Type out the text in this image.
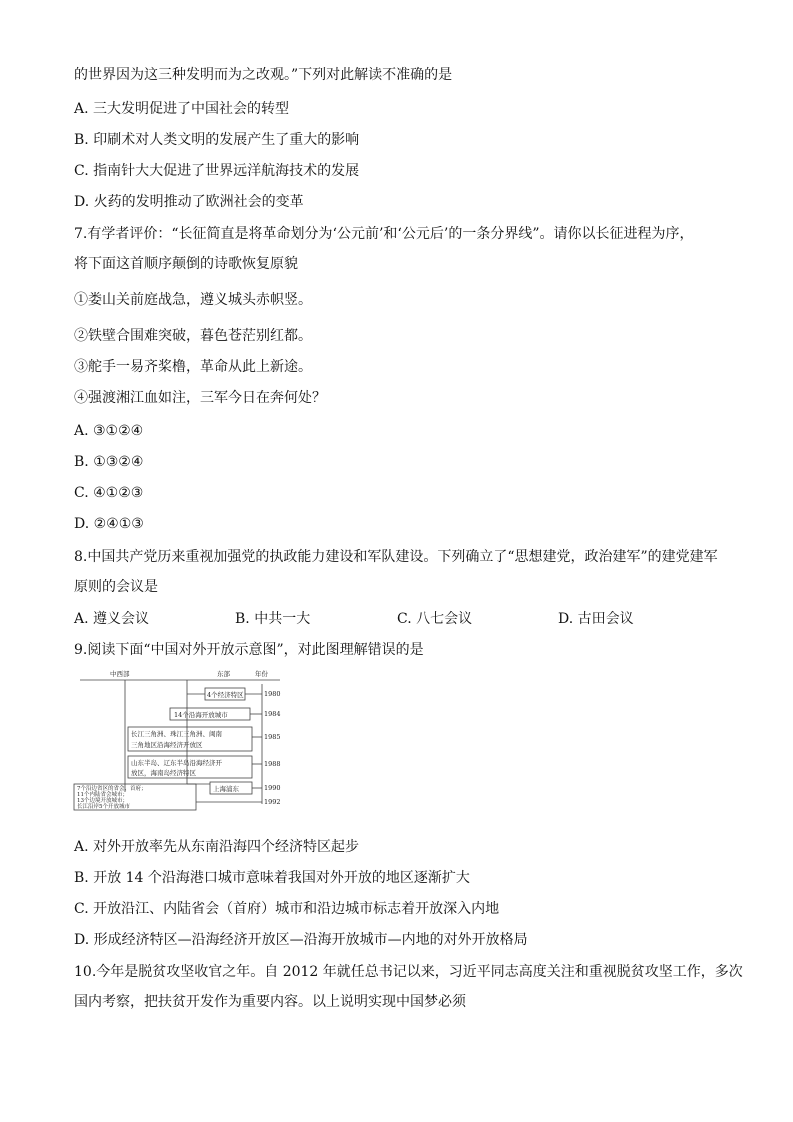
的世界因为这三种发明而为之改观。”下列对此解读不准确的是
A. 三大发明促进了中国社会的转型
B. 印刷术对人类文明的发展产生了重大的影响
C. 指南针大大促进了世界远洋航海技术的发展
D. 火药的发明推动了欧洲社会的变革
7.有学者评价：“长征简直是将革命划分为‘公元前’和‘公元后’的一条分界线”。请你以长征进程为序，
将下面这首顺序颠倒的诗歌恢复原貌
①娄山关前庭战急，遵义城头赤帜竖。
②铁壁合围难突破，暮色苍茫别红都。
③舵手一易齐桨橹，革命从此上新途。
④强渡湘江血如注，三军今日在奔何处？
A. ③①②④
B. ①③②④
C. ④①②③
D. ②④①③
8.中国共产党历来重视加强党的执政能力建设和军队建设。下列确立了“思想建党，政治建军”的建党建军
原则的会议是
A. 遵义会议	B. 中共一大	C. 八七会议	D. 古田会议
9.阅读下面“中国对外开放示意图”，对此图理解错误的是
中西部	东部	年份
4个经济特区
14个沿海开放城市
长江三角洲、珠江三角洲、闽南
三角地区沿海经济开放区
山东半岛、辽东半岛沿海经济开
放区，海南岛经济特区
上海浦东
7个沿边省区的省会、首府；
11个内陆省会城市；
13个边境开放城市；
长江沿岸5个开放城市
1980
1984
1985
1988
1990
1992
A. 对外开放率先从东南沿海四个经济特区起步
B. 开放 14 个沿海港口城市意味着我国对外开放的地区逐渐扩大
C. 开放沿江、内陆省会（首府）城市和沿边城市标志着开放深入内地
D. 形成经济特区—沿海经济开放区—沿海开放城市—内地的对外开放格局
10.今年是脱贫攻坚收官之年。自 2012 年就任总书记以来，习近平同志高度关注和重视脱贫攻坚工作，多次
国内考察，把扶贫开发作为重要内容。以上说明实现中国梦必须
